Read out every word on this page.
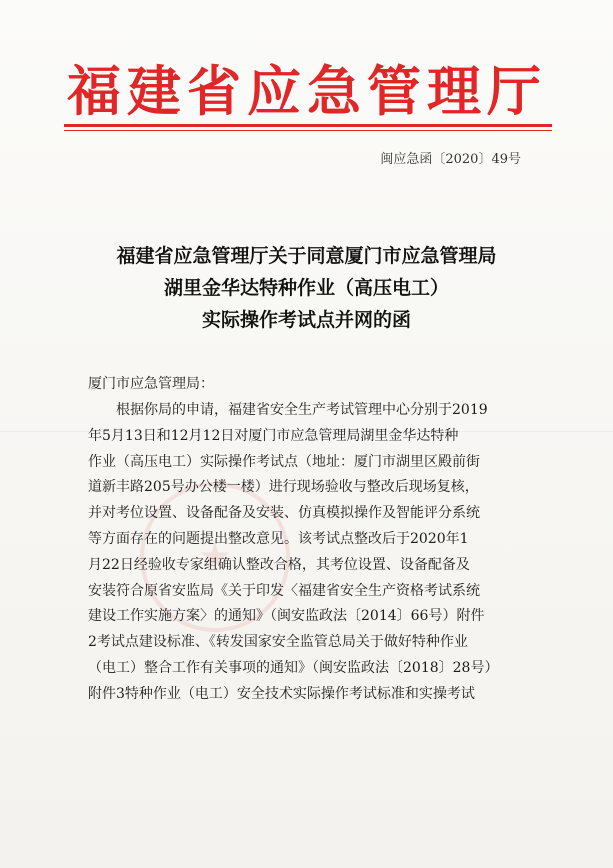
福建省应急管理厅
闽应急函〔2020〕49号
福建省应急管理厅关于同意厦门市应急管理局
湖里金华达特种作业（高压电工）
实际操作考试点并网的函
厦门市应急管理局：
根据你局的申请，福建省安全生产考试管理中心分别于2019
年5月13日和12月12日对厦门市应急管理局湖里金华达特种
作业（高压电工）实际操作考试点（地址：厦门市湖里区殿前街
道新丰路205号办公楼一楼）进行现场验收与整改后现场复核，
并对考位设置、设备配备及安装、仿真模拟操作及智能评分系统
等方面存在的问题提出整改意见。该考试点整改后于2020年1
月22日经验收专家组确认整改合格，其考位设置、设备配备及
安装符合原省安监局《关于印发〈福建省安全生产资格考试系统
建设工作实施方案〉的通知》（闽安监政法〔2014〕66号）附件
2考试点建设标准、《转发国家安全监管总局关于做好特种作业
（电工）整合工作有关事项的通知》（闽安监政法〔2018〕28号）
附件3特种作业（电工）安全技术实际操作考试标准和实操考试
